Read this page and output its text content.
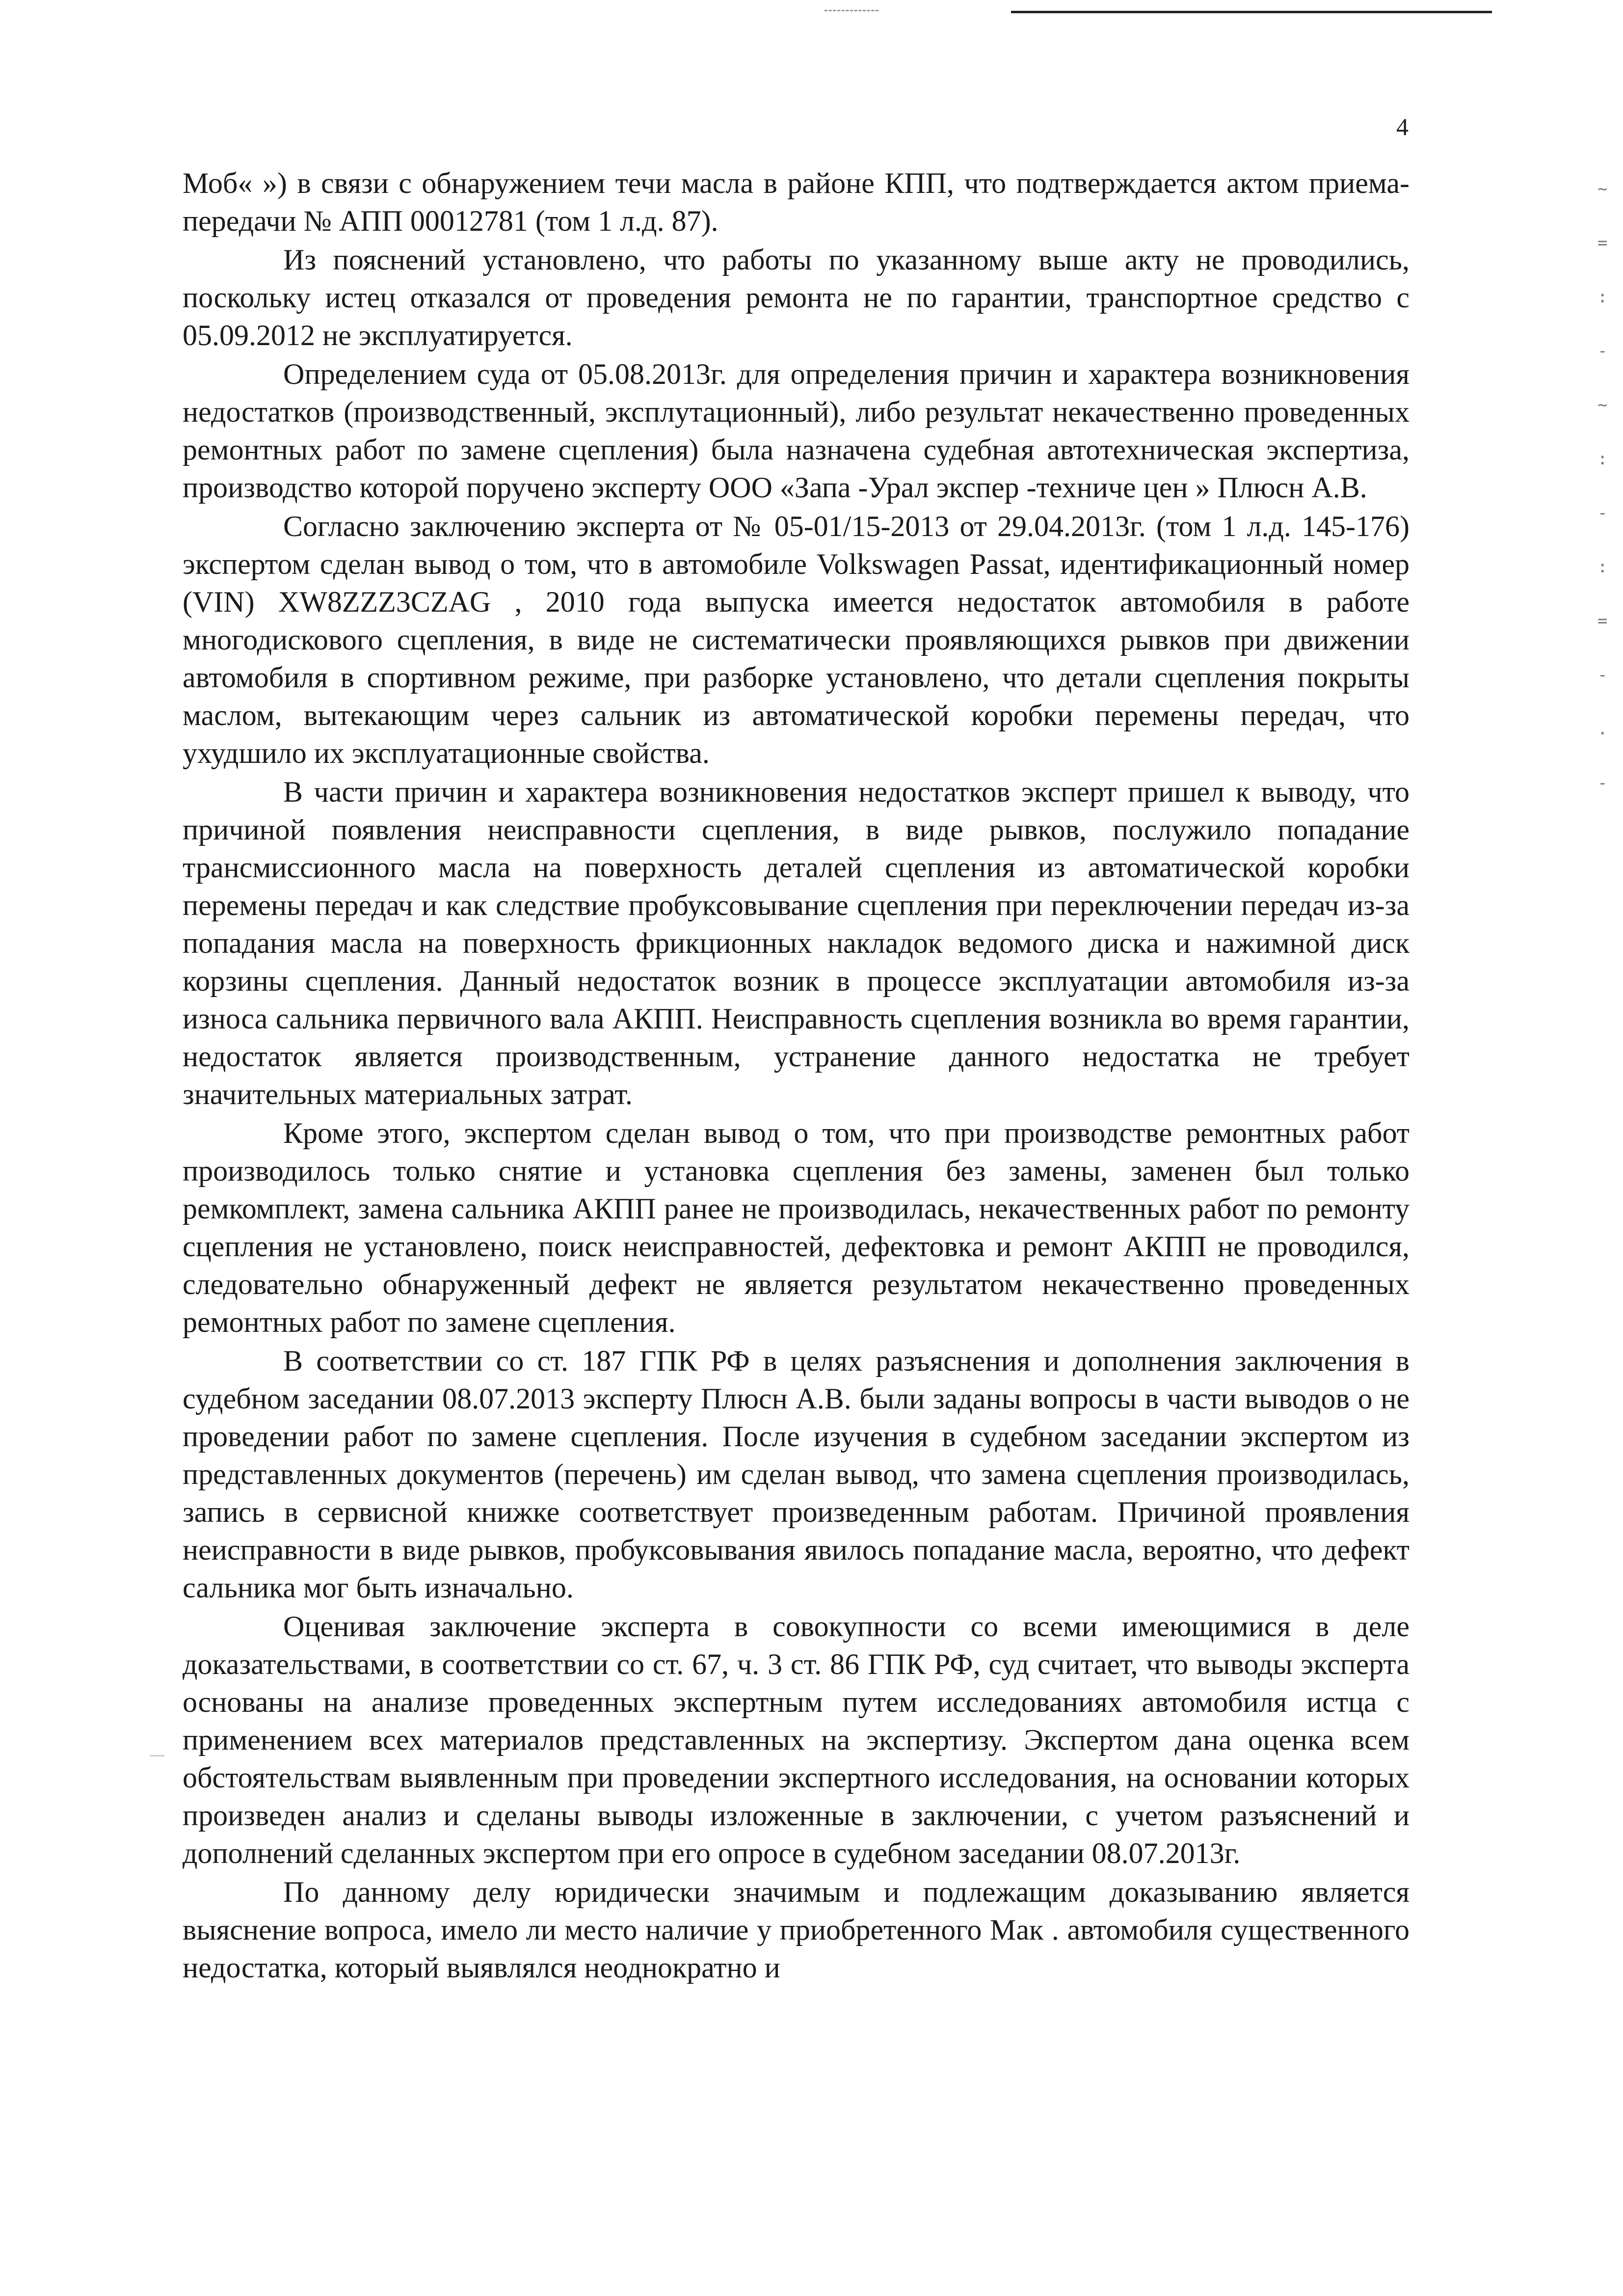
4

Моб« ») в связи с обнаружением течи масла в районе КПП, что подтверждается актом приема-передачи № АПП 00012781 (том 1 л.д. 87).

Из пояснений установлено, что работы по указанному выше акту не проводились, поскольку истец отказался от проведения ремонта не по гарантии, транспортное средство с 05.09.2012 не эксплуатируется.

Определением суда от 05.08.2013г. для определения причин и характера возникновения недостатков (производственный, эксплутационный), либо результат некачественно проведенных ремонтных работ по замене сцепления) была назначена судебная автотехническая экспертиза, производство которой поручено эксперту ООО «Запа -Урал экспер -техниче цен » Плюсн А.В.

Согласно заключению эксперта от № 05-01/15-2013 от 29.04.2013г. (том 1 л.д. 145-176) экспертом сделан вывод о том, что в автомобиле Volkswagen Passat, идентификационный номер (VIN) XW8ZZZ3CZAG , 2010 года выпуска имеется недостаток автомобиля в работе многодискового сцепления, в виде не систематически проявляющихся рывков при движении автомобиля в спортивном режиме, при разборке установлено, что детали сцепления покрыты маслом, вытекающим через сальник из автоматической коробки перемены передач, что ухудшило их эксплуатационные свойства.

В части причин и характера возникновения недостатков эксперт пришел к выводу, что причиной появления неисправности сцепления, в виде рывков, послужило попадание трансмиссионного масла на поверхность деталей сцепления из автоматической коробки перемены передач и как следствие пробуксовывание сцепления при переключении передач из-за попадания масла на поверхность фрикционных накладок ведомого диска и нажимной диск корзины сцепления. Данный недостаток возник в процессе эксплуатации автомобиля из-за износа сальника первичного вала АКПП. Неисправность сцепления возникла во время гарантии, недостаток является производственным, устранение данного недостатка не требует значительных материальных затрат.

Кроме этого, экспертом сделан вывод о том, что при производстве ремонтных работ производилось только снятие и установка сцепления без замены, заменен был только ремкомплект, замена сальника АКПП ранее не производилась, некачественных работ по ремонту сцепления не установлено, поиск неисправностей, дефектовка и ремонт АКПП не проводился, следовательно обнаруженный дефект не является результатом некачественно проведенных ремонтных работ по замене сцепления.

В соответствии со ст. 187 ГПК РФ в целях разъяснения и дополнения заключения в судебном заседании 08.07.2013 эксперту Плюсн А.В. были заданы вопросы в части выводов о не проведении работ по замене сцепления. После изучения в судебном заседании экспертом из представленных документов (перечень) им сделан вывод, что замена сцепления производилась, запись в сервисной книжке соответствует произведенным работам. Причиной проявления неисправности в виде рывков, пробуксовывания явилось попадание масла, вероятно, что дефект сальника мог быть изначально.

Оценивая заключение эксперта в совокупности со всеми имеющимися в деле доказательствами, в соответствии со ст. 67, ч. 3 ст. 86 ГПК РФ, суд считает, что выводы эксперта основаны на анализе проведенных экспертным путем исследованиях автомобиля истца с применением всех материалов представленных на экспертизу. Экспертом дана оценка всем обстоятельствам выявленным при проведении экспертного исследования, на основании которых произведен анализ и сделаны выводы изложенные в заключении, с учетом разъяснений и дополнений сделанных экспертом при его опросе в судебном заседании 08.07.2013г.

По данному делу юридически значимым и подлежащим доказыванию является выяснение вопроса, имело ли место наличие у приобретенного Мак . автомобиля существенного недостатка, который выявлялся неоднократно и

~
=
:
-
~
:
-
:
=
-
.
-
